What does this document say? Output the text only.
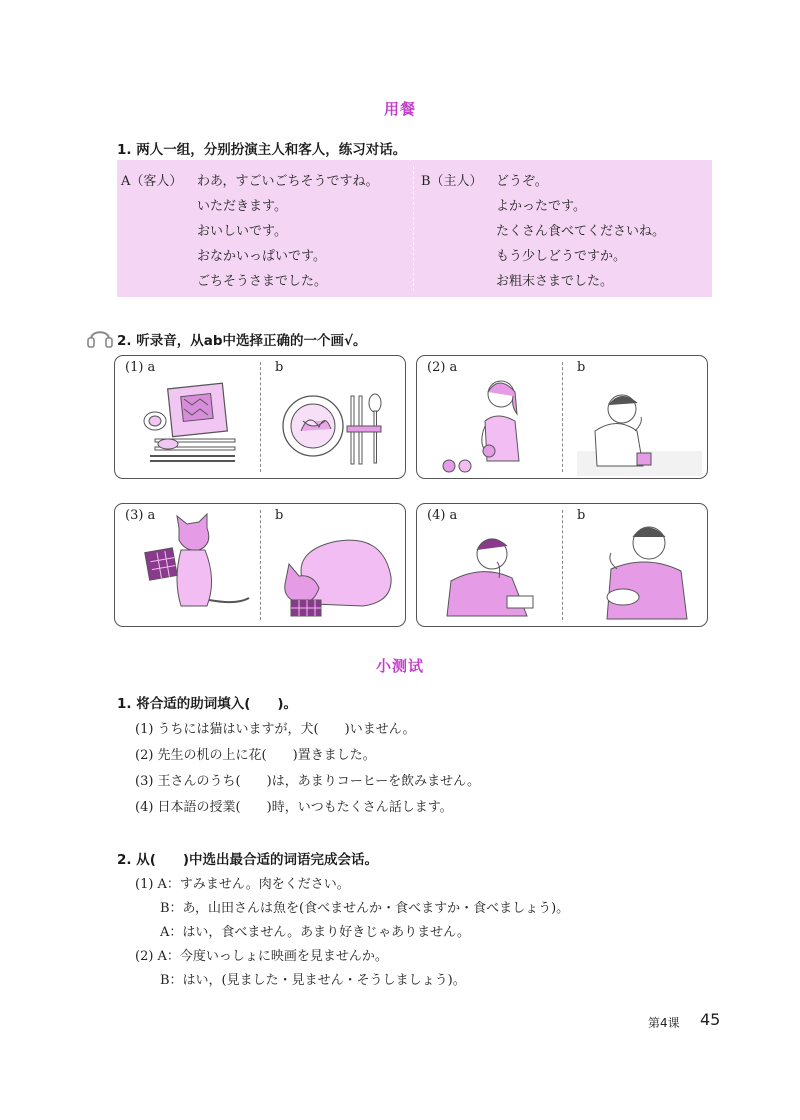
用餐
1. 两人一组，分别扮演主人和客人，练习对话。
A（客人） わあ，すごいごちそうですね。
いただきます。
おいしいです。
おなかいっぱいです。
ごちそうさまでした。
B（主人） どうぞ。
よかったです。
たくさん食べてくださいね。
もう少しどうですか。
お粗末さまでした。
2. 听录音，从ab中选择正确的一个画√。
(1) a	b	(2) a	b
(3) a	b	(4) a	b
小测试
1. 将合适的助词填入(　　)。
(1) うちには猫はいますが，犬(　　)いません。
(2) 先生の机の上に花(　　)置きました。
(3) 王さんのうち(　　)は，あまりコーヒーを飲みません。
(4) 日本語の授業(　　)時，いつもたくさん話します。
2. 从(　　)中选出最合适的词语完成会话。
(1) A：すみません。肉をください。
B：あ，山田さんは魚を(食べませんか・食べますか・食べましょう)。
A：はい，食べません。あまり好きじゃありません。
(2) A：今度いっしょに映画を見ませんか。
B：はい，(見ました・見ません・そうしましょう)。
第4课 45
